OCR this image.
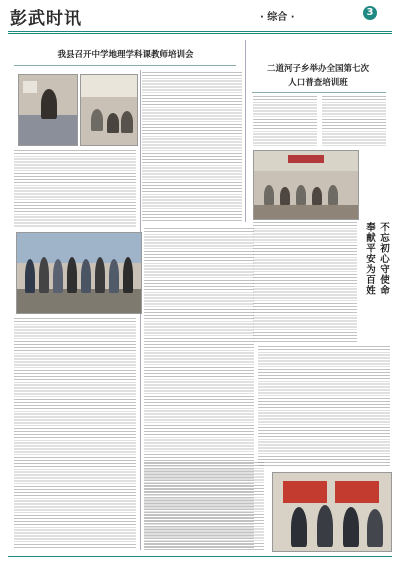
彭武时讯	· 综合 ·	3
我县召开中学地理学科课教师培训会
二道河子乡举办全国第七次
人口普查培训班
不忘初心守使命
奉献平安为百姓
